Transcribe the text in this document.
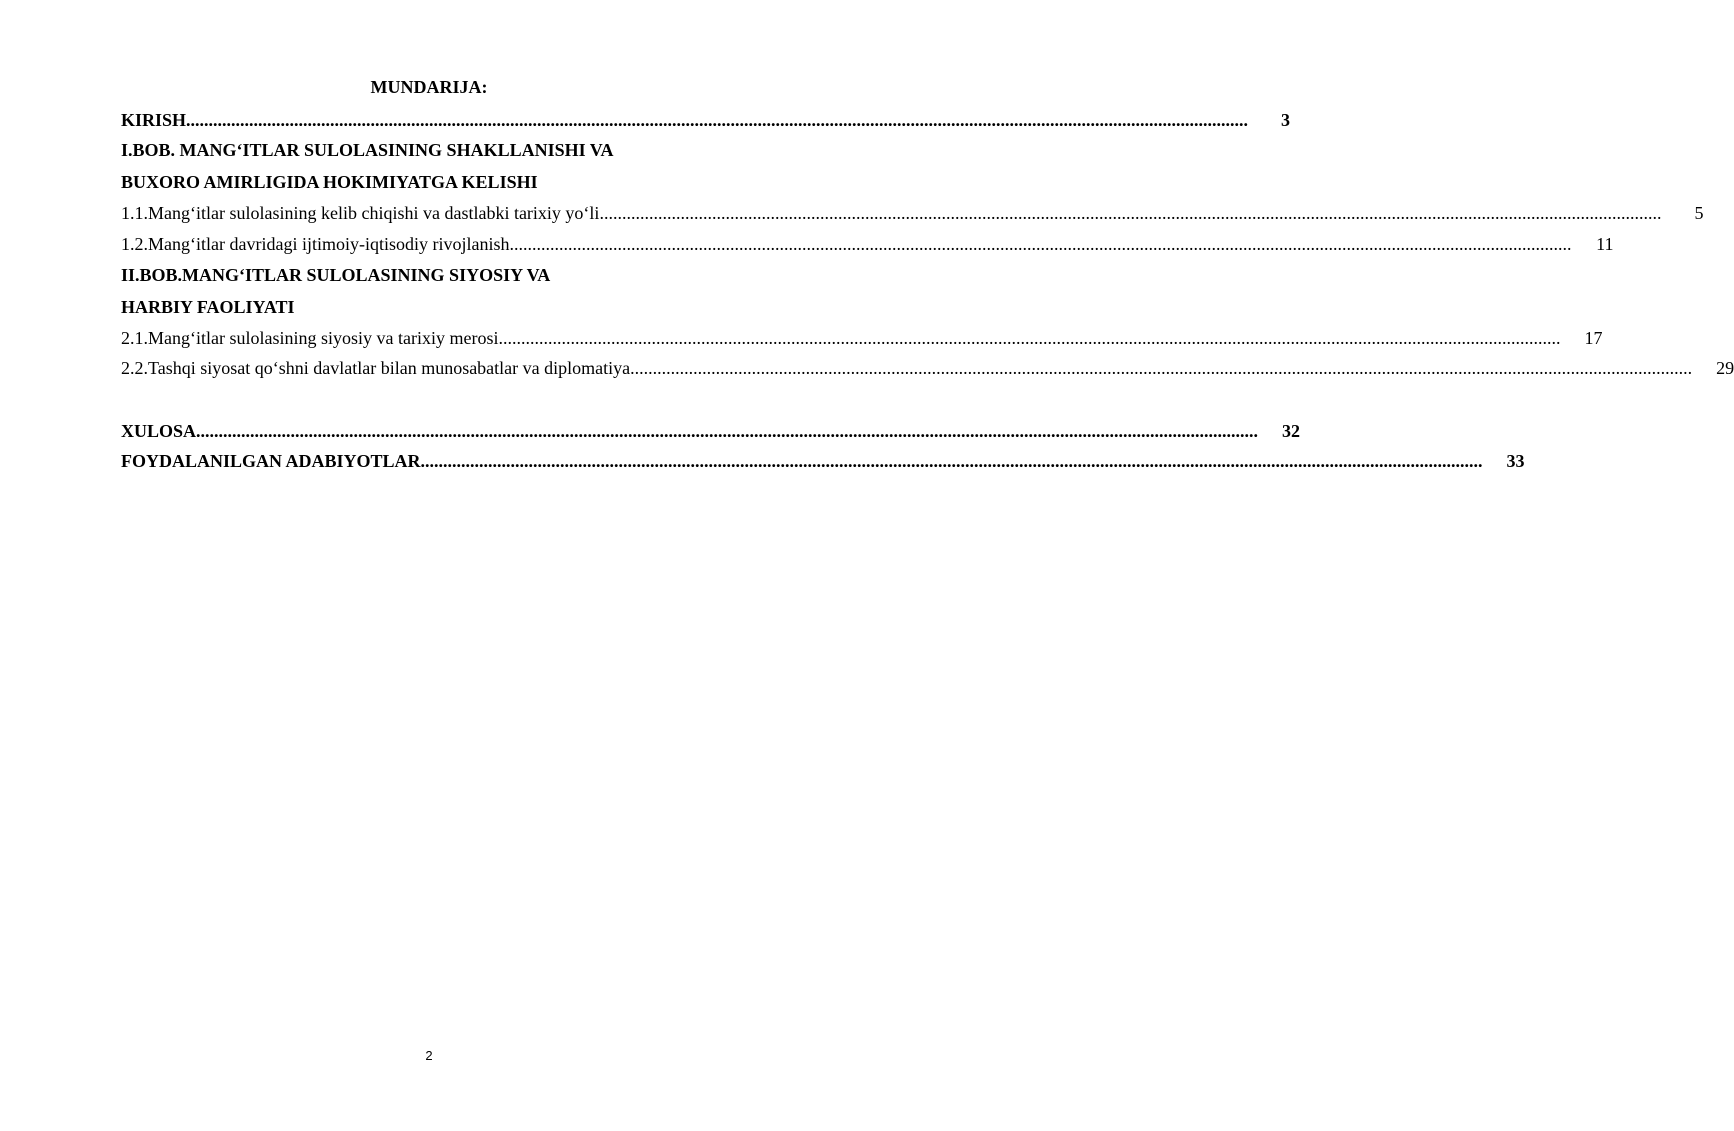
MUNDARIJA:
KIRISH ............................................................................................................................................................................................................................................	3
I.BOB. MANG‘ITLAR SULOLASINING SHAKLLANISHI VA
BUXORO AMIRLIGIDA HOKIMIYATGA KELISHI
1.1.Mang‘itlar sulolasining kelib chiqishi va dastlabki tarixiy yo‘li ............................................................................................................................................................................................................................................	5
1.2.Mang‘itlar davridagi ijtimoiy-iqtisodiy rivojlanish ............................................................................................................................................................................................................................................	11
II.BOB.MANG‘ITLAR SULOLASINING SIYOSIY VA
HARBIY FAOLIYATI
2.1.Mang‘itlar sulolasining siyosiy va tarixiy merosi ............................................................................................................................................................................................................................................	17
2.2.Tashqi siyosat qo‘shni davlatlar bilan munosabatlar va diplomatiya ............................................................................................................................................................................................................................................	29
XULOSA ............................................................................................................................................................................................................................................	32
FOYDALANILGAN ADABIYOTLAR ............................................................................................................................................................................................................................................	33
2
